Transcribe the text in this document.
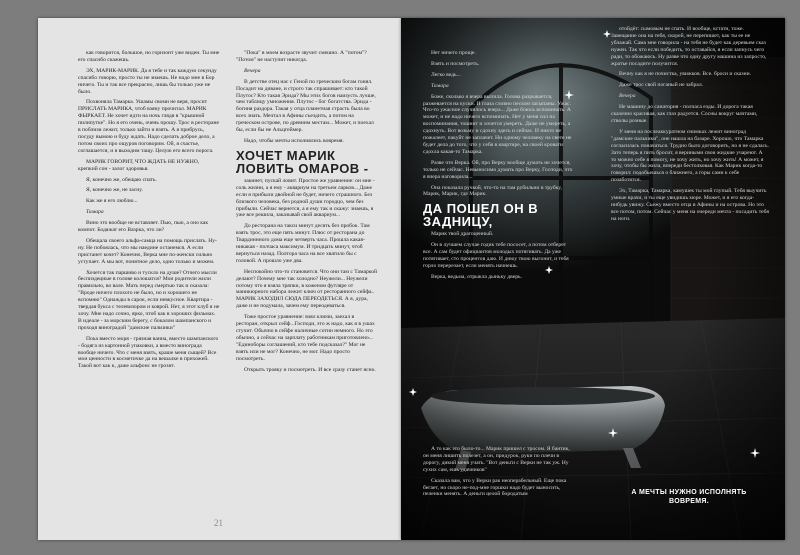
как говорится, большое, но горизонт уже виден. Ты мне его спасибо скажешь.

ЭХ, МАРИК-МАРИК. Да я тебе и так каждую секунду спасибо говорю, просто ты не знаешь. Не надо мне в Бор ничего. Ты и так все прекрасно, лишь бы только уже не было.

Похвоняла Тамарка. Ушамы своми не веря, просит ПРИСЛАТЬ МАРИКА, чтоб взяну прочитал. МАРИК ФЫРКАЕТ. Не хочет идти на ночь глядя в "крышной пилипутке". Но я его очень, очень прошу. Трос в ресторане в поблизи лежит, только зайти и взять. А я прибрусь, посуду вымою и буду ждать. Надо сделать доброе дело, а потом своих про ощуров поговорим. Ой, я счастье, соглашается, и я выходим тащу. Целую его всего порога.

МАРИК ГОВОРИТ, ЧТО ЖДАТЬ НЕ НУЖНО, крепкий сон - залог здоровья.

Я, конечно же, обещаю спать.

Я, конечно же, не засну.

Как же я его люблю...

Тамара

Вино это вообще не вставляет. Пью, пью, а оно как компот. Бодяжат его Вазрка, что ли?

Обещала своего альфа-самца на помощь прислать. Ну-ну. Не побоялась, что мы наедине останемся. А если пристанет кочет? Конечно, Верка мне по-женски сильно уступает. А мы вот, понятное дело, одно только и можем.

Хочется так паршиво и тускло на душе? Отчего мысли беспиздецные в голове колошатся? Мои родители жили правильно, во вале. Мать перед смертью так и сказала: "Вроде ничего плохого не было, но и хорошего не вспомню" Однажды в сарок, если невкусное. Квартира - твердая букса с телевизором и коврой. Нет, я этот клуб я не хочу. Мне надо сочно, ярко, чтоб как в хороших фильмах. В идеале - за морским берегу, с бокалом шампанского и проходя виноградой "дамские пальчики"

Пока вместо моря - грязная ванна, вместо шампанского - бодяга из картонной упаковки, а вместо винограда вообще ничего. Что с меня взять, краше меня сыщей? Все мои ценности в косметичке да на вешалке в прихожей. Такой вот как к, даже альфонс не грозит.

"Пока" в моем возрасте звучит смешно. А "потом"? "Потом" не наступит никогда.

Вечера

В детстве отец нас с Геной по греческим богам гонял. Посадит на диване, и строго так спрашивает: кто такой Плутос? Кто такая Эрида? Мы этих богов наизусть лучше, чем таблицу умножения. Плутос - бог богатства. Эрида - богиня раздора. Такая у отца планетная страсть была во всех знать. Мечтал в Афины съездить, а потом на греческом острове, по древним местам... Может, и поехал бы, если бы не Альцгеймер.

Надо, чтобы мечты исполнялись вовремя.

ХОЧЕТ МАРИК ЛОВИТЬ ОМАРОВ -

закинет, пускай ловит. Простое же уравнение: он мне - соль жизни, а я ему - аквариум на третьем ларков... Даже если я прибыли двойной не будет, ничего страшного. Без близкого человека, без родной души городцо, чем без прибыли. Сейчас вернется, а я ему так и скажу: знаешь, я уже все решила, заказывай свой аквариум...

До ресторана на такси минут десять без пробок. Там взять трос, это еще пять минут. Плюс от ресторана до Твардиннного дома еще четверть часа. Прошла какая-никакая - полчаса максимум. И тридцать минут, чтоб вернуться назад. Полтора часа на все хватило бы с головой. А прошло уже два.

Неспокойно что-то становится. Что они там с Тамаркой делают? Почему мне так холодно? Неужели... Неужели потому что я взяла тряпки, в коженом футляре от маникюрного набора лежит ключ от ресторанного сейфа.. МАРИК ЗАХОДИЛ СЮДА ПЕРЕОДЕТЬСЯ. А я, дура, даже и не подумала, зачем ему переодеваться.

Тоже простое уравнение: взял ключи, заехал в ресторан, открыл сейф...Господи, это ж надо, как я в ушах стучит. Обычно в сейфе наличные сотни немного. Но это обычно, а сейчас на зарплату работникам приготовлено... "Единоборы соглашений, кто тебе подсказал?" Мог не взять или не мог? Конечно, не мог. Надо просто посмотреть.

Открыть трояку и посмотреть. И все сразу станет ясно.

21

Нет ничего проще.

Взять и посмотреть.

Легко ведь...

Тамара

Боже, сколько я вчера выпила. Голова разрывается, разжевается на куски. И глаза словно песком засыпаны. Ужас. Что-то ужасное случилось вчера... Даже боюсь вспоминать. А может, и не надо ничего вспоминать. Нет у меня сил на воспоминания, тошнит и хочется умереть. Даже не умереть, а сдохнуть. Вот возьму и сдохну здесь и сейчас. И никто не пожалеет, пакуйт не заплачет. Ни одному человеку на свете не будет дела до того, что у себя в квартире, на своей кровати сдохла какая-то Тамарка.

Разве что Верка. Ой, про Верку вообще думать не хочется, только не сейчас. Невыносимо думать про Верку, Господи, что я вчера наговорила...

Она показала ручкой, что-то на там рубильни в трубку, Марик, Марик, где Марик.

ДА ПОШЕЛ ОН В ЗАДНИЦУ,

Марик твой драгоценный.

Он в лучшем случае годик тебе пососет, а потом отберет все. А сам будет официантов молодых потягивать. Да уже потягивает, сто процентов даю. И днюу твою выгонит, и тебя горло перерезает, если менять начнешь.

Верка, ведьма, отрыкла дыньку дверь.

А то как это было-то... Марик пришел с тросом. Я бантик, он меня лишить полезет, а он, придурок, руки по плечи в дорогу, дикий меня учать. "Вот деньги с Верки не так уж. Ну сухих сам, ешь удачников"

Сказала вам, что у Верки рак неоперабельный. Еще пока бегает, но скоро не-под-мне горшки надо будет выносить, пеленки менять. А деньги целой бородатым

отойдёт: сымовым не спать. И вообще, кстати, тоже. Завещание она на тебя, скорей, не перепишет, как ты ее не ублажай. Сама мне говорила - на тебя не будет как деревьем сказ нужен. Так что если победить, то оставайся, я если запнусь чего ради, то обожаюсь. Ну разве что одну другу машина из запросто, жратье посадите получится.

Вечну как я не почистка, увижков. Все. броси и сказни.

Даже трос свой поганый не забрал.

Вечера

Не машину до санатория - полчаса езды. И дорога такая сказочно красивая, как глаз радуется. Сосны вокруг мачтами, стволы розные.

У меня на послеаккуратном снимках лежит виноград "дамские пальчики", оне нашла на базаре. Хорошо, что Тамарка согласилась поначаться. Трудно было договорить, но я не сдалась. Зато теперь я пить бросит, я вериными свои жидкие учареют. А то можно себе я помогу, не хочу жить, но хочу жить! А может, я хочу, чтобы бы жила, впереди бестолковая. Как Марик когда-то говорил: подобьешься о ближнего, а горы сами к себе позаботятся.

Эх, Тамарка, Тамарка, камушек ты мой глупый. Тебя выучить умные врачи, и ты еще увидишь море. Может, и я его когда-нибудь увижу. Сьежу вместо отца в Афины и на острова. Но это все потом, потом. Сейчас у меня на очереди мечта - посадить тебя на ноги.

А МЕЧТЫ НУЖНО ИСПОЛНЯТЬ
ВОВРЕМЯ.
